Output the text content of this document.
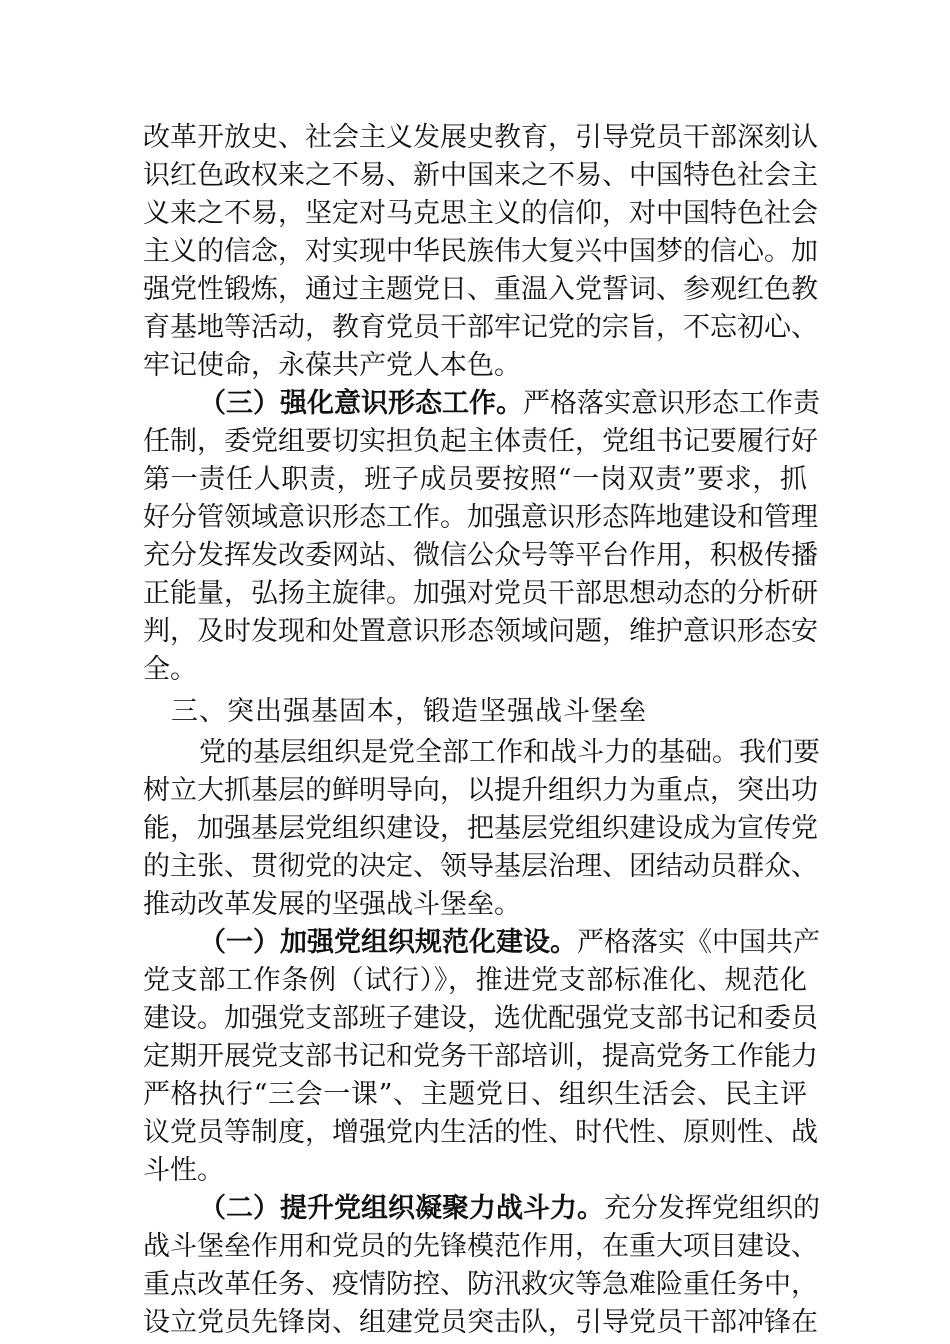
改革开放史、社会主义发展史教育，引导党员干部深刻认
识红色政权来之不易、新中国来之不易、中国特色社会主
义来之不易，坚定对马克思主义的信仰，对中国特色社会
主义的信念，对实现中华民族伟大复兴中国梦的信心。加
强党性锻炼，通过主题党日、重温入党誓词、参观红色教
育基地等活动，教育党员干部牢记党的宗旨，不忘初心、
牢记使命，永葆共产党人本色。
（三）强化意识形态工作。严格落实意识形态工作责
任制，委党组要切实担负起主体责任，党组书记要履行好
第一责任人职责，班子成员要按照“一岗双责”要求，抓
好分管领域意识形态工作。加强意识形态阵地建设和管理
充分发挥发改委网站、微信公众号等平台作用，积极传播
正能量，弘扬主旋律。加强对党员干部思想动态的分析研
判，及时发现和处置意识形态领域问题，维护意识形态安
全。
三、突出强基固本，锻造坚强战斗堡垒
党的基层组织是党全部工作和战斗力的基础。我们要
树立大抓基层的鲜明导向，以提升组织力为重点，突出功
能，加强基层党组织建设，把基层党组织建设成为宣传党
的主张、贯彻党的决定、领导基层治理、团结动员群众、
推动改革发展的坚强战斗堡垒。
（一）加强党组织规范化建设。严格落实《中国共产
党支部工作条例（试行）》，推进党支部标准化、规范化
建设。加强党支部班子建设，选优配强党支部书记和委员
定期开展党支部书记和党务干部培训，提高党务工作能力
严格执行“三会一课”、主题党日、组织生活会、民主评
议党员等制度，增强党内生活的性、时代性、原则性、战
斗性。
（二）提升党组织凝聚力战斗力。充分发挥党组织的
战斗堡垒作用和党员的先锋模范作用，在重大项目建设、
重点改革任务、疫情防控、防汛救灾等急难险重任务中，
设立党员先锋岗、组建党员突击队，引导党员干部冲锋在
